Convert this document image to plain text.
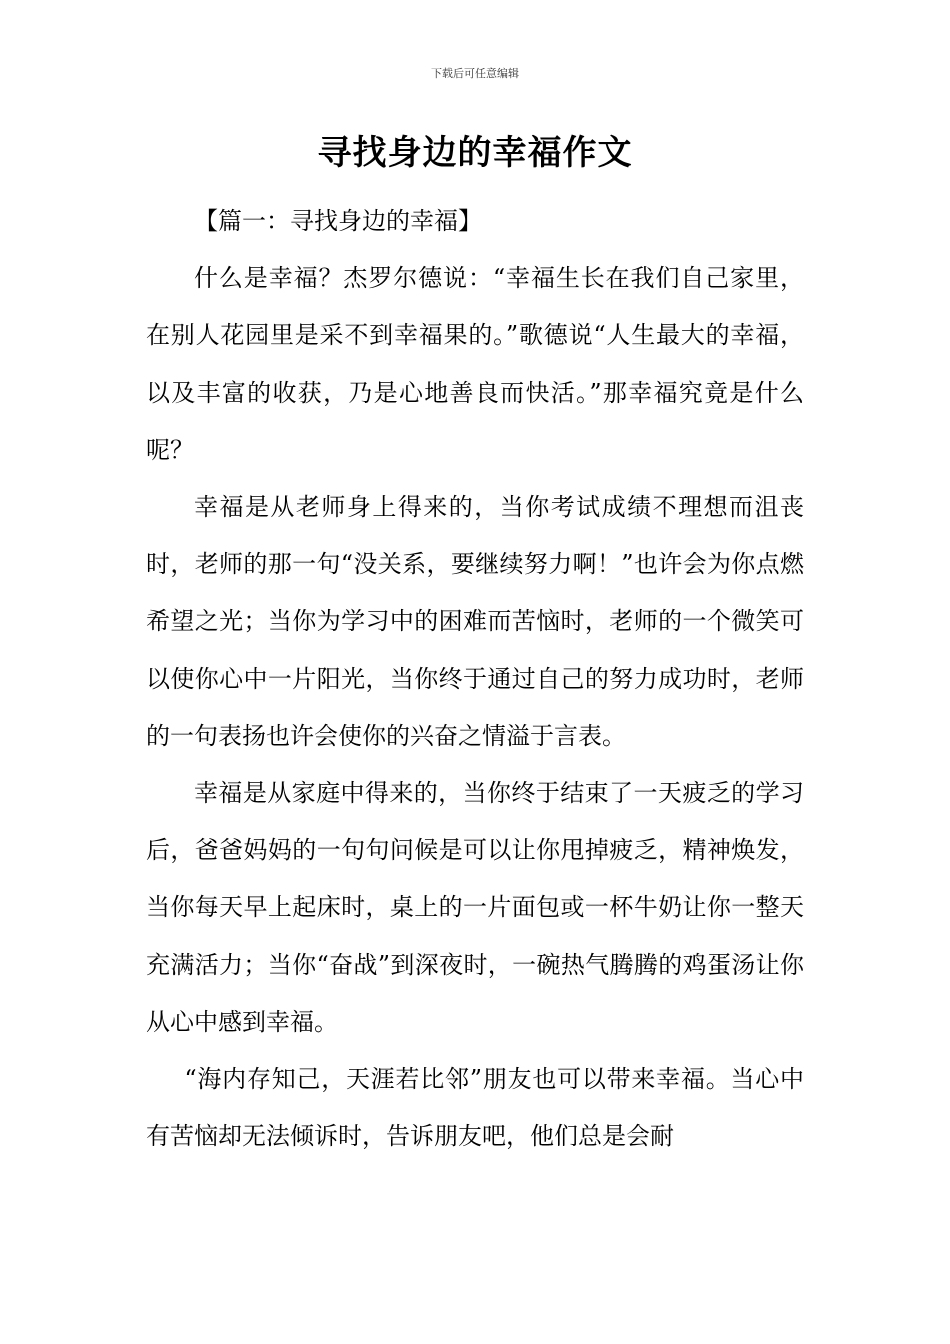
下载后可任意编辑
寻找身边的幸福作文

【篇一：寻找身边的幸福】

什么是幸福？杰罗尔德说：“幸福生长在我们自己家里，在别人花园里是采不到幸福果的。”歌德说“人生最大的幸福，以及丰富的收获，乃是心地善良而快活。”那幸福究竟是什么呢？

幸福是从老师身上得来的，当你考试成绩不理想而沮丧时，老师的那一句“没关系，要继续努力啊！”也许会为你点燃希望之光；当你为学习中的困难而苦恼时，老师的一个微笑可以使你心中一片阳光，当你终于通过自己的努力成功时，老师的一句表扬也许会使你的兴奋之情溢于言表。

幸福是从家庭中得来的，当你终于结束了一天疲乏的学习后，爸爸妈妈的一句句问候是可以让你甩掉疲乏，精神焕发，当你每天早上起床时，桌上的一片面包或一杯牛奶让你一整天充满活力；当你“奋战”到深夜时，一碗热气腾腾的鸡蛋汤让你从心中感到幸福。

“海内存知己，天涯若比邻”朋友也可以带来幸福。当心中有苦恼却无法倾诉时，告诉朋友吧，他们总是会耐
